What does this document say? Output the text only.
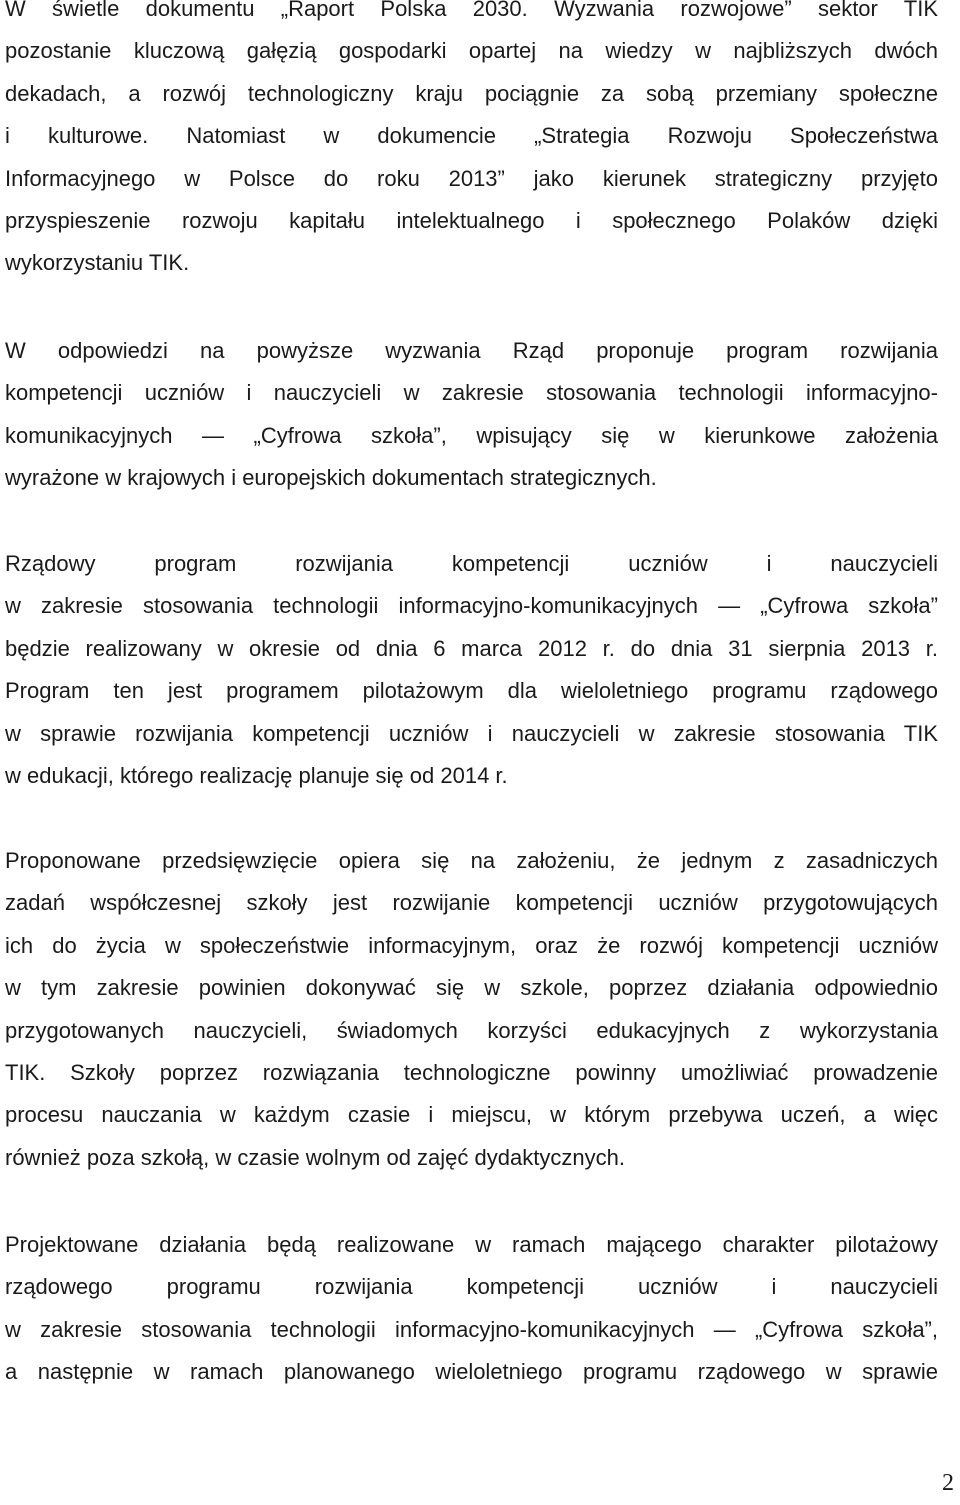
W świetle dokumentu „Raport Polska 2030. Wyzwania rozwojowe” sektor TIK
pozostanie kluczową gałęzią gospodarki opartej na wiedzy w najbliższych dwóch
dekadach, a rozwój technologiczny kraju pociągnie za sobą przemiany społeczne
i kulturowe. Natomiast w dokumencie „Strategia Rozwoju Społeczeństwa
Informacyjnego w Polsce do roku 2013” jako kierunek strategiczny przyjęto
przyspieszenie rozwoju kapitału intelektualnego i społecznego Polaków dzięki
wykorzystaniu TIK.

W odpowiedzi na powyższe wyzwania Rząd proponuje program rozwijania
kompetencji uczniów i nauczycieli w zakresie stosowania technologii informacyjno-
komunikacyjnych — „Cyfrowa szkoła”, wpisujący się w kierunkowe założenia
wyrażone w krajowych i europejskich dokumentach strategicznych.

Rządowy program rozwijania kompetencji uczniów i nauczycieli
w zakresie stosowania technologii informacyjno-komunikacyjnych — „Cyfrowa szkoła”
będzie realizowany w okresie od dnia 6 marca 2012 r. do dnia 31 sierpnia 2013 r.
Program ten jest programem pilotażowym dla wieloletniego programu rządowego
w sprawie rozwijania kompetencji uczniów i nauczycieli w zakresie stosowania TIK
w edukacji, którego realizację planuje się od 2014 r.

Proponowane przedsięwzięcie opiera się na założeniu, że jednym z zasadniczych
zadań współczesnej szkoły jest rozwijanie kompetencji uczniów przygotowujących
ich do życia w społeczeństwie informacyjnym, oraz że rozwój kompetencji uczniów
w tym zakresie powinien dokonywać się w szkole, poprzez działania odpowiednio
przygotowanych nauczycieli, świadomych korzyści edukacyjnych z wykorzystania
TIK. Szkoły poprzez rozwiązania technologiczne powinny umożliwiać prowadzenie
procesu nauczania w każdym czasie i miejscu, w którym przebywa uczeń, a więc
również poza szkołą, w czasie wolnym od zajęć dydaktycznych.

Projektowane działania będą realizowane w ramach mającego charakter pilotażowy
rządowego programu rozwijania kompetencji uczniów i nauczycieli
w zakresie stosowania technologii informacyjno-komunikacyjnych — „Cyfrowa szkoła”,
a następnie w ramach planowanego wieloletniego programu rządowego w sprawie

2
